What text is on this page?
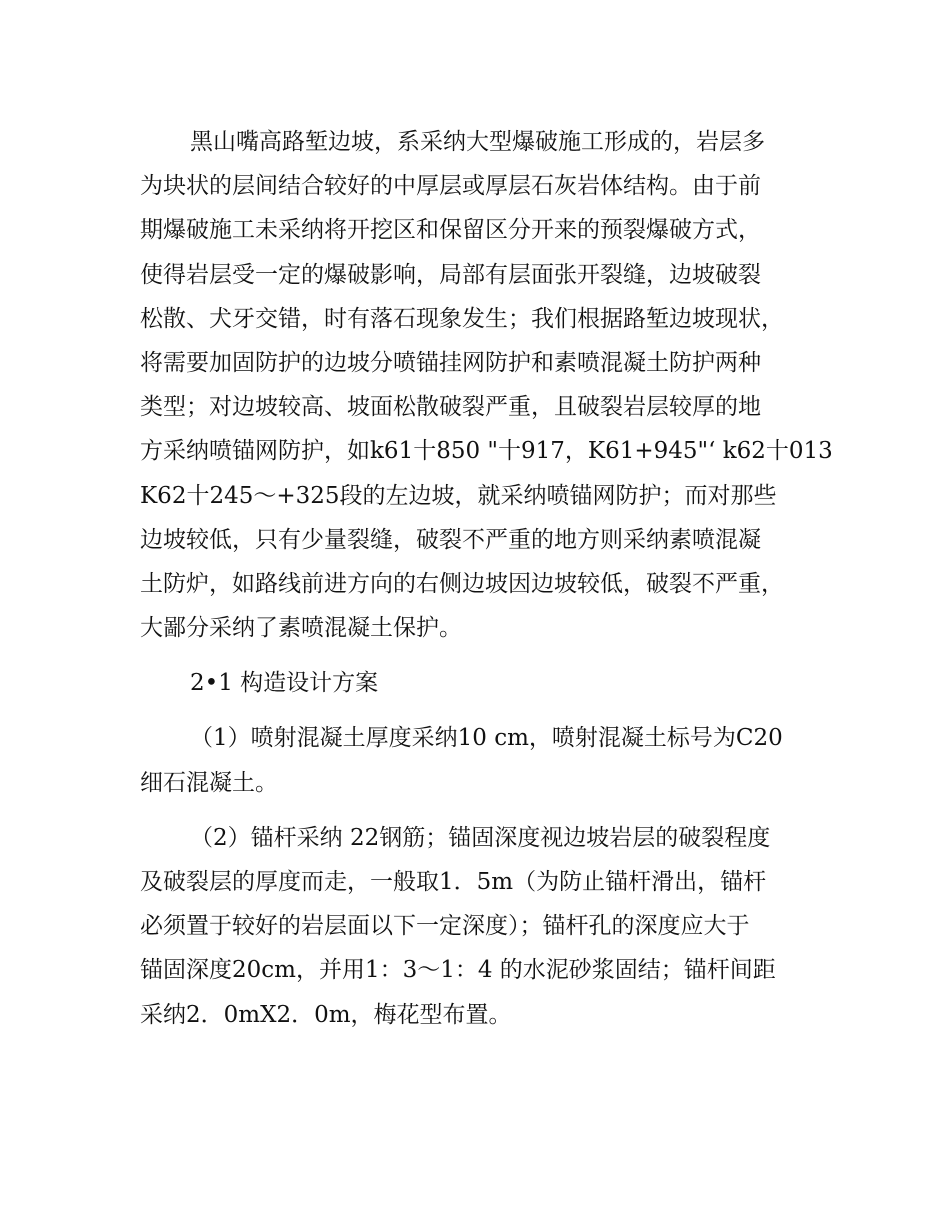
黑山嘴高路堑边坡，系采纳大型爆破施工形成的，岩层多
为块状的层间结合较好的中厚层或厚层石灰岩体结构。由于前
期爆破施工未采纳将开挖区和保留区分开来的预裂爆破方式，
使得岩层受一定的爆破影响，局部有层面张开裂缝，边坡破裂
松散、犬牙交错，时有落石现象发生；我们根据路堑边坡现状，
将需要加固防护的边坡分喷锚挂网防护和素喷混凝土防护两种
类型；对边坡较高、坡面松散破裂严重，且破裂岩层较厚的地
方采纳喷锚网防护，如k61十850 "十917，K61+945"‘ k62十013
K62十245～+325段的左边坡，就采纳喷锚网防护；而对那些
边坡较低，只有少量裂缝，破裂不严重的地方则采纳素喷混凝
土防炉，如路线前进方向的右侧边坡因边坡较低，破裂不严重，
大鄙分采纳了素喷混凝土保护。
2•1 构造设计方案
（1）喷射混凝土厚度采纳10 cm，喷射混凝土标号为C20
细石混凝土。
（2）锚杆采纳 22钢筋；锚固深度视边坡岩层的破裂程度
及破裂层的厚度而走，一般取1．5m（为防止锚杆滑出，锚杆
必须置于较好的岩层面以下一定深度）；锚杆孔的深度应大于
锚固深度20cm，并用1：3～1：4 的水泥砂浆固结；锚杆间距
采纳2．0mX2．0m，梅花型布置。
